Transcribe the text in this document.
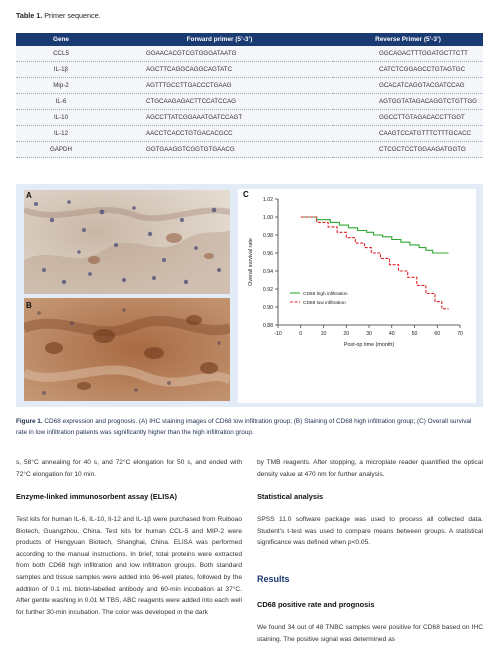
Table 1. Primer sequence.
Gene	Forward primer (5’-3’)	Reverse Primer (5’-3’)
CCL5	GGAACACGTCGTGGGATAATG	GGCAGACTTTGGATGCTTCTT
IL-1β	AGCTTCAGGCAGGCAGTATC	CATCTCGGAGCCTGTAGTGC
Mip-2	AGTTTGCCTTGACCCTGAAG	GCACATCAGGTACGATCCAG
IL-6	CTGCAAGAGACTTCCATCCAG	AGTGGTATAGACAGGTCTGTTGG
IL-10	AGCCTTATCGGAAATGATCCAGT	GGCCTTGTAGACACCTTGGT
IL-12	AACCTCACCTGTGACACGCC	CAAGTCCATGTTTCTTTGCACC
GAPDH	GGTGAAGGTCGGTGTGAACG	CTCGCTCCTGGAAGATGGTG
A
B
0.88
0.90
0.92
0.94
0.96
0.98
1.00
1.02
-10	0	10	20	30	40	50	60	70
Post-op time (month)
Overall survival rate
CD68 high infiltration
CD68 low infiltration
C
Figure 1. CD68 expression and prognosis. (A) IHC staining images of CD68 low infiltration group; (B) Staining of CD68 high infiltration group; (C) Overall survival rate in low infiltration patients was significantly higher than the high infiltration group.
s, 58°C annealing for 40 s, and 72°C elongation for 50 s, and ended with 72°C elongation for 10 min.
Enzyme-linked immunosorbent assay (ELISA)
Test kits for human IL-6, IL-10, Il-12 and IL-1β were purchased from Ruiboao Biotech, Guangzhou, China. Test kits for human CCL-5 and MIP-2 were products of Hengyuan Biotech, Shanghai, China. ELISA was performed according to the manual instructions. In brief, total proteins were extracted from both CD68 high infiltration and low infiltration groups. Both standard samples and tissue samples were added into 96-well plates, followed by the addition of 0.1 mL biotin-labelled antibody and 60-min incubation at 37°C. After gentle washing in 0.01 M TBS, ABC reagents were added into each well for further 30-min incubation. The color was developed in the dark
by TMB reagents. After stopping, a microplate reader quantified the optical density value at 470 nm for further analysis.
Statistical analysis
SPSS 11.0 software package was used to process all collected data. Student’s t-test was used to compare means between groups. A statistical significance was defined when p<0.05.
Results
CD68 positive rate and prognosis
We found 34 out of 48 TNBC samples were positive for CD68 based on IHC staining. The positive signal was determined as
